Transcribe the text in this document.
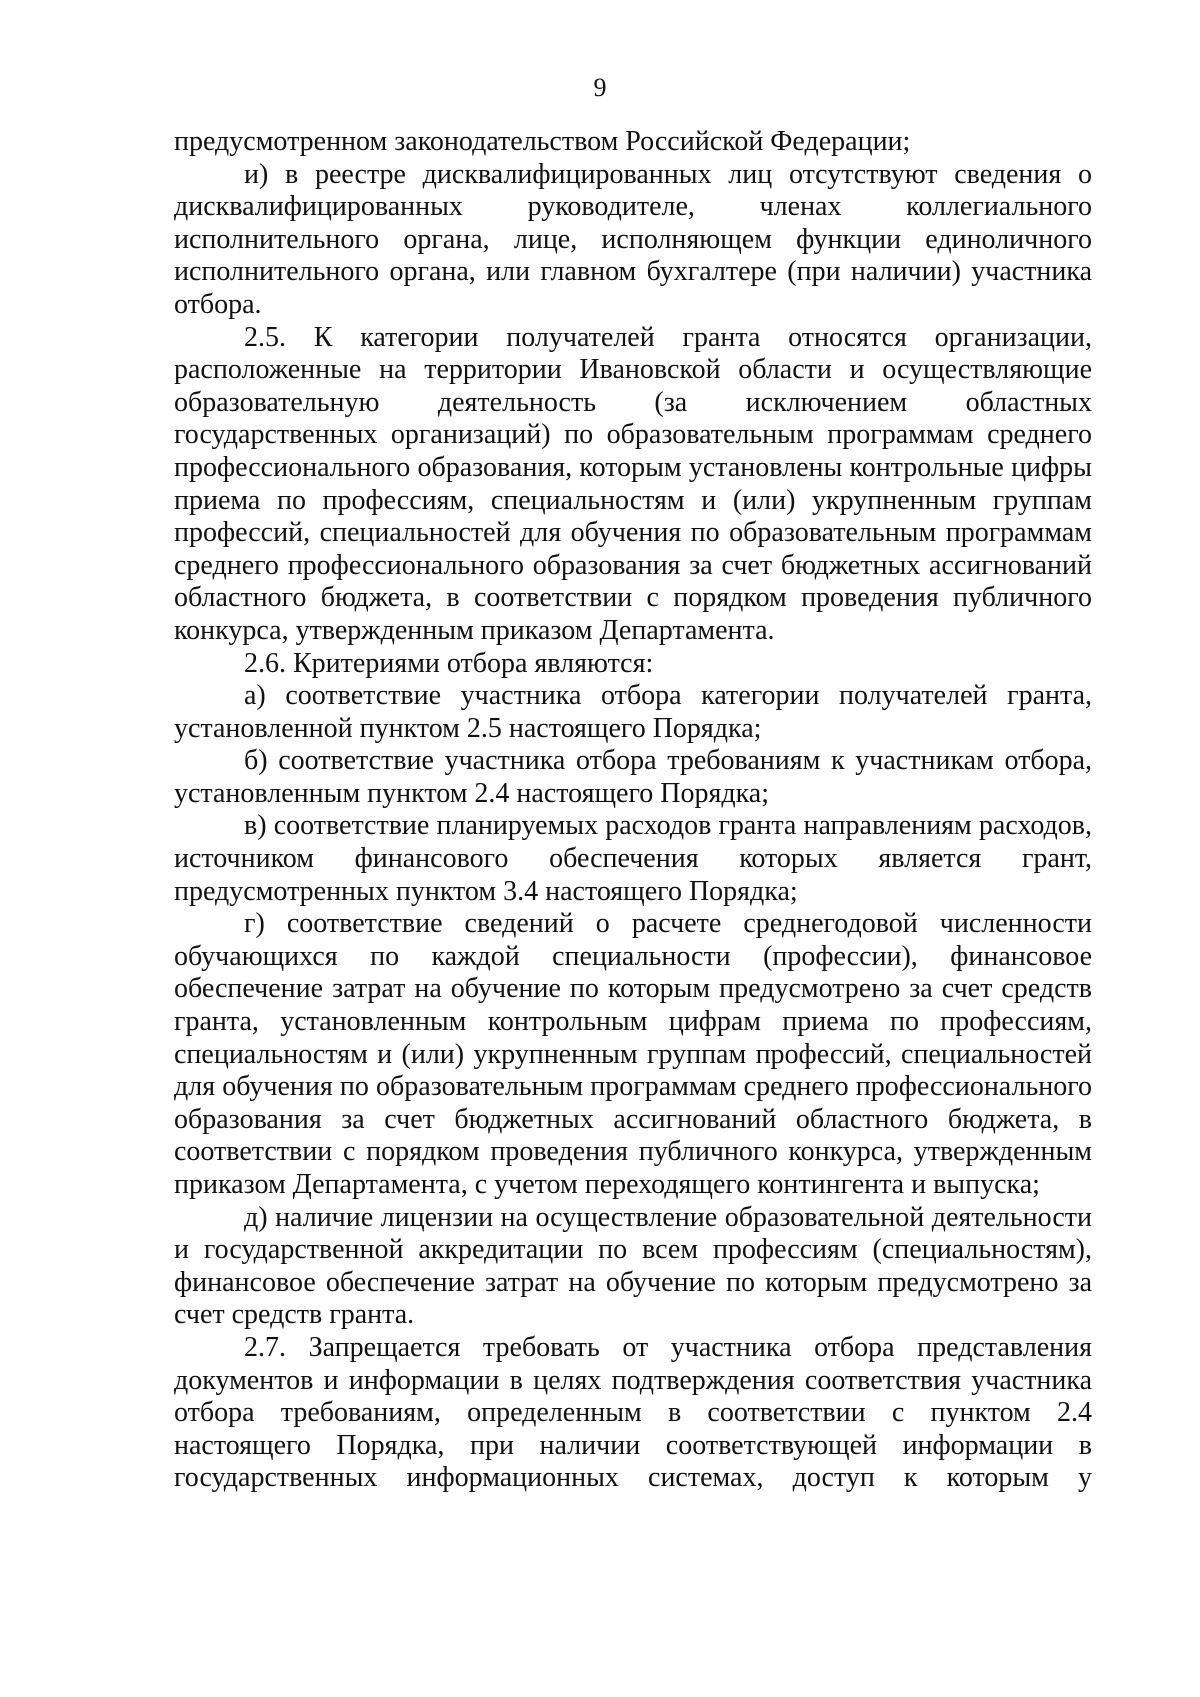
9

предусмотренном законодательством Российской Федерации;

и) в реестре дисквалифицированных лиц отсутствуют сведения о дисквалифицированных руководителе, членах коллегиального исполнительного органа, лице, исполняющем функции единоличного исполнительного органа, или главном бухгалтере (при наличии) участника отбора.

2.5. К категории получателей гранта относятся организации, расположенные на территории Ивановской области и осуществляющие образовательную деятельность (за исключением областных государственных организаций) по образовательным программам среднего профессионального образования, которым установлены контрольные цифры приема по профессиям, специальностям и (или) укрупненным группам профессий, специальностей для обучения по образовательным программам среднего профессионального образования за счет бюджетных ассигнований областного бюджета, в соответствии с порядком проведения публичного конкурса, утвержденным приказом Департамента.

2.6. Критериями отбора являются:

а) соответствие участника отбора категории получателей гранта, установленной пунктом 2.5 настоящего Порядка;

б) соответствие участника отбора требованиям к участникам отбора, установленным пунктом 2.4 настоящего Порядка;

в) соответствие планируемых расходов гранта направлениям расходов, источником финансового обеспечения которых является грант, предусмотренных пунктом 3.4 настоящего Порядка;

г) соответствие сведений о расчете среднегодовой численности обучающихся по каждой специальности (профессии), финансовое обеспечение затрат на обучение по которым предусмотрено за счет средств гранта, установленным контрольным цифрам приема по профессиям, специальностям и (или) укрупненным группам профессий, специальностей для обучения по образовательным программам среднего профессионального образования за счет бюджетных ассигнований областного бюджета, в соответствии с порядком проведения публичного конкурса, утвержденным приказом Департамента, с учетом переходящего контингента и выпуска;

д) наличие лицензии на осуществление образовательной деятельности и государственной аккредитации по всем профессиям (специальностям), финансовое обеспечение затрат на обучение по которым предусмотрено за счет средств гранта.

2.7. Запрещается требовать от участника отбора представления документов и информации в целях подтверждения соответствия участника отбора требованиям, определенным в соответствии с пунктом 2.4 настоящего Порядка, при наличии соответствующей информации в государственных информационных системах, доступ к которым у
